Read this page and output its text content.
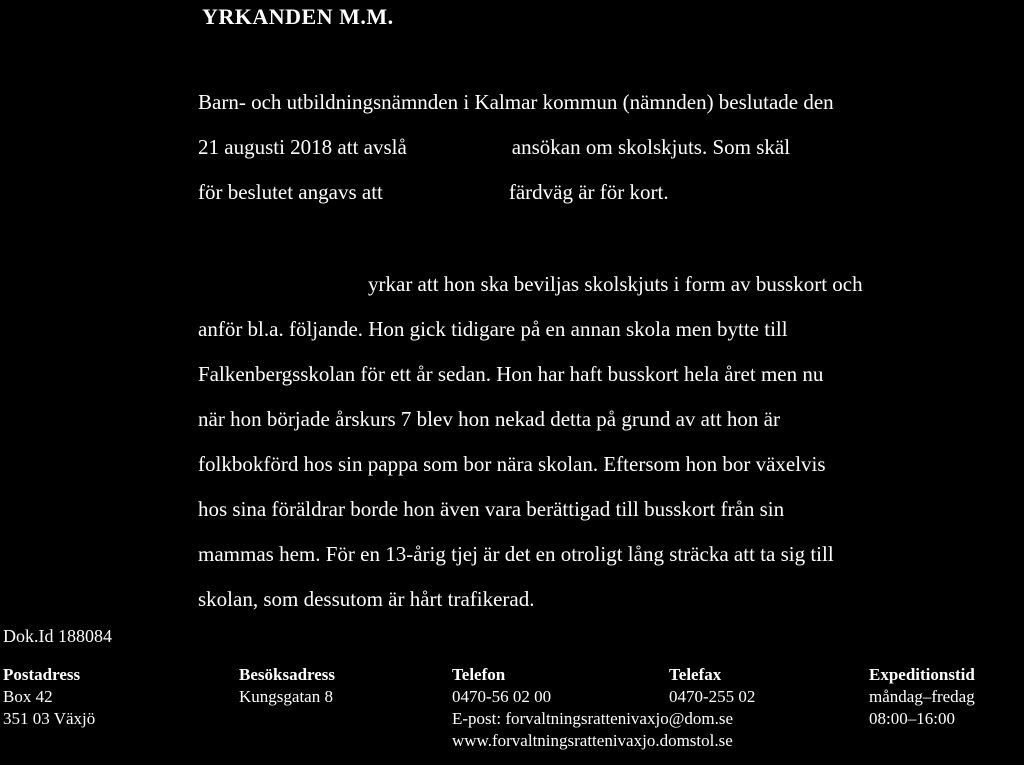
YRKANDEN M.M.
Barn- och utbildningsnämnden i Kalmar kommun (nämnden) beslutade den
21 augusti 2018 att avslå                    ansökan om skolskjuts. Som skäl
för beslutet angavs att                        färdväg är för kort.
yrkar att hon ska beviljas skolskjuts i form av busskort och
anför bl.a. följande. Hon gick tidigare på en annan skola men bytte till
Falkenbergsskolan för ett år sedan. Hon har haft busskort hela året men nu
när hon började årskurs 7 blev hon nekad detta på grund av att hon är
folkbokförd hos sin pappa som bor nära skolan. Eftersom hon bor växelvis
hos sina föräldrar borde hon även vara berättigad till busskort från sin
mammas hem. För en 13-årig tjej är det en otroligt lång sträcka att ta sig till
skolan, som dessutom är hårt trafikerad.

Dok.Id 188084

Postadress
Box 42
351 03 Växjö
Besöksadress
Kungsgatan 8
Telefon
0470-56 02 00
E-post: forvaltningsrattenivaxjo@dom.se
www.forvaltningsrattenivaxjo.domstol.se
Telefax
0470-255 02
Expeditionstid
måndag–fredag
08:00–16:00
